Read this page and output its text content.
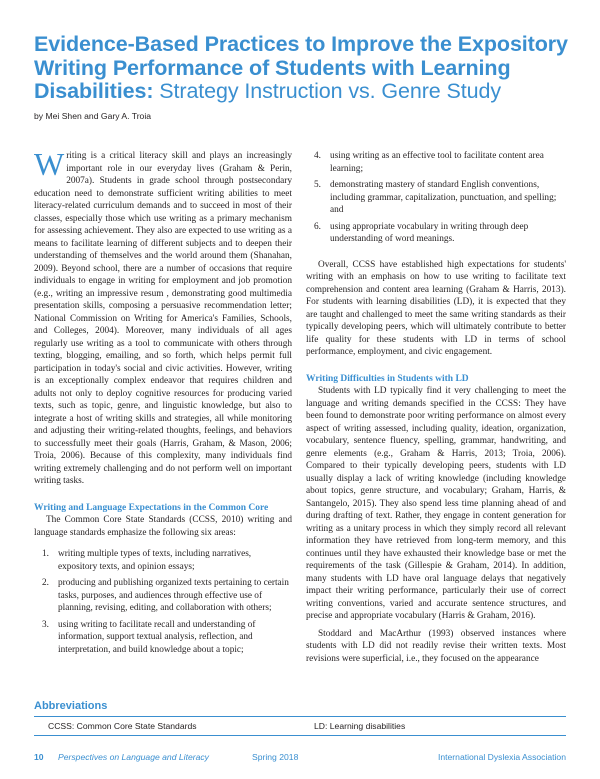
Evidence-Based Practices to Improve the Expository Writing Performance of Students with Learning Disabilities: Strategy Instruction vs. Genre Study
by Mei Shen and Gary A. Troia

Writing is a critical literacy skill and plays an increasingly important role in our everyday lives (Graham & Perin, 2007a). Students in grade school through postsecondary education need to demonstrate sufficient writing abilities to meet literacy-related curriculum demands and to succeed in most of their classes, especially those which use writing as a primary mechanism for assessing achievement. They also are expected to use writing as a means to facilitate learning of different subjects and to deepen their understanding of themselves and the world around them (Shanahan, 2009). Beyond school, there are a number of occasions that require individuals to engage in writing for employment and job promotion (e.g., writing an impressive resum , demonstrating good multimedia presentation skills, composing a persuasive recommendation letter; National Commission on Writing for America's Families, Schools, and Colleges, 2004). Moreover, many individuals of all ages regularly use writing as a tool to communicate with others through texting, blogging, emailing, and so forth, which helps permit full participation in today's social and civic activities. However, writing is an exceptionally complex endeavor that requires children and adults not only to deploy cognitive resources for producing varied texts, such as topic, genre, and linguistic knowledge, but also to integrate a host of writing skills and strategies, all while monitoring and adjusting their writing-related thoughts, feelings, and behaviors to successfully meet their goals (Harris, Graham, & Mason, 2006; Troia, 2006). Because of this complexity, many individuals find writing extremely challenging and do not perform well on important writing tasks.

Writing and Language Expectations in the Common Core

The Common Core State Standards (CCSS, 2010) writing and language standards emphasize the following six areas:

1. writing multiple types of texts, including narratives, expository texts, and opinion essays;
2. producing and publishing organized texts pertaining to certain tasks, purposes, and audiences through effective use of planning, revising, editing, and collaboration with others;
3. using writing to facilitate recall and understanding of information, support textual analysis, reflection, and interpretation, and build knowledge about a topic;
4. using writing as an effective tool to facilitate content area learning;
5. demonstrating mastery of standard English conventions, including grammar, capitalization, punctuation, and spelling; and
6. using appropriate vocabulary in writing through deep understanding of word meanings.

Overall, CCSS have established high expectations for students' writing with an emphasis on how to use writing to facilitate text comprehension and content area learning (Graham & Harris, 2013). For students with learning disabilities (LD), it is expected that they are taught and challenged to meet the same writing standards as their typically developing peers, which will ultimately contribute to better life quality for these students with LD in terms of school performance, employment, and civic engagement.

Writing Difficulties in Students with LD

Students with LD typically find it very challenging to meet the language and writing demands specified in the CCSS: They have been found to demonstrate poor writing performance on almost every aspect of writing assessed, including quality, ideation, organization, vocabulary, sentence fluency, spelling, grammar, handwriting, and genre elements (e.g., Graham & Harris, 2013; Troia, 2006). Compared to their typically developing peers, students with LD usually display a lack of writing knowledge (including knowledge about topics, genre structure, and vocabulary; Graham, Harris, & Santangelo, 2015). They also spend less time planning ahead of and during drafting of text. Rather, they engage in content generation for writing as a unitary process in which they simply record all relevant information they have retrieved from long-term memory, and this continues until they have exhausted their knowledge base or met the requirements of the task (Gillespie & Graham, 2014). In addition, many students with LD have oral language delays that negatively impact their writing performance, particularly their use of correct writing conventions, varied and accurate sentence structures, and precise and appropriate vocabulary (Harris & Graham, 2016).

Stoddard and MacArthur (1993) observed instances where students with LD did not readily revise their written texts. Most revisions were superficial, i.e., they focused on the appearance

Abbreviations
CCSS: Common Core State Standards	LD: Learning disabilities
10 Perspectives on Language and Literacy	Spring 2018	International Dyslexia Association
